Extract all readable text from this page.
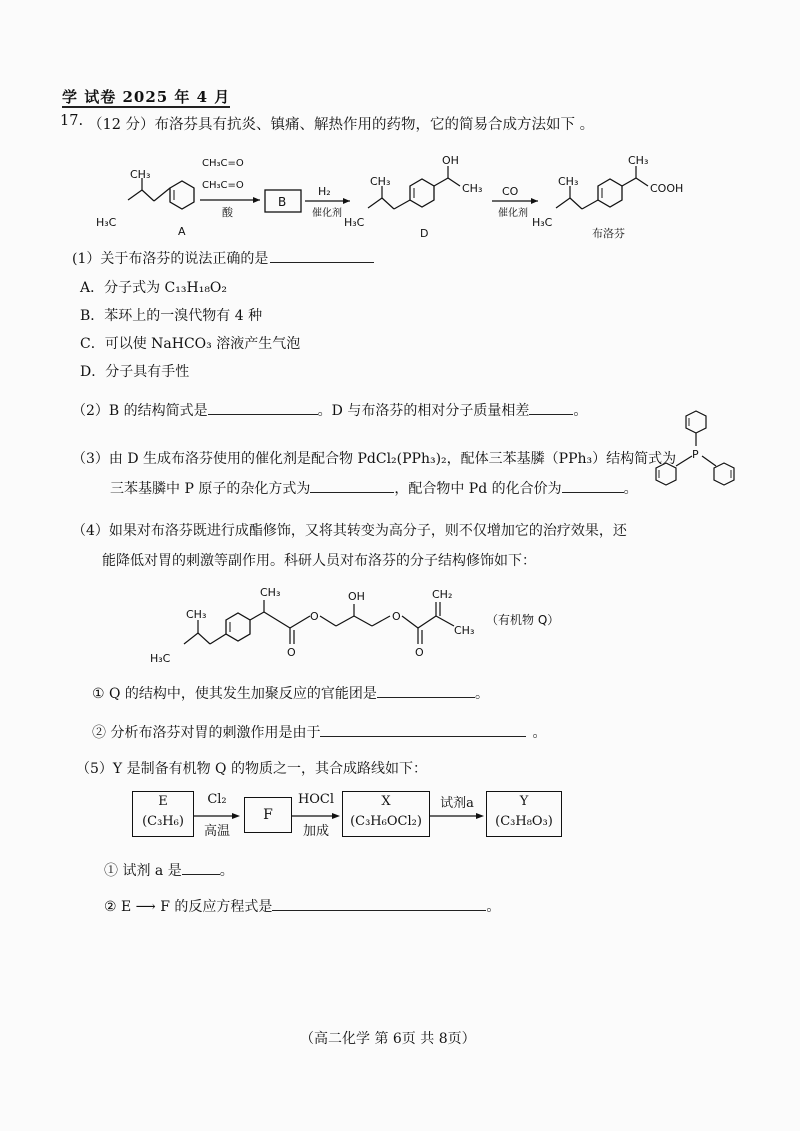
学 试卷 2025 年 4 月
17. （12 分）布洛芬具有抗炎、镇痛、解热作用的药物，它的简易合成方法如下 。
CH₃
H₃C
A
CH₃C=O
CH₃C=O
酸
B
H₂
催化剂
CH₃
H₃C
OH
CH₃
D
CO
催化剂
CH₃
H₃C
CH₃
COOH
布洛芬
(1）关于布洛芬的说法正确的是
A．分子式为 C₁₃H₁₈O₂
B．苯环上的一溴代物有 4 种
C．可以使 NaHCO₃ 溶液产生气泡
D．分子具有手性
（2）B 的结构简式是	。D 与布洛芬的相对分子质量相差	。
（3）由 D 生成布洛芬使用的催化剂是配合物 PdCl₂(PPh₃)₂，配体三苯基膦（PPh₃）结构简式为
三苯基膦中 P 原子的杂化方式为	，配合物中 Pd 的化合价为	。
P
（4）如果对布洛芬既进行成酯修饰，又将其转变为高分子，则不仅增加它的治疗效果，还
能降低对胃的刺激等副作用。科研人员对布洛芬的分子结构修饰如下：
CH₃
H₃C
CH₃
O
O
OH
O
O
CH₂
CH₃
（有机物 Q）
① Q 的结构中，使其发生加聚反应的官能团是	。
② 分析布洛芬对胃的刺激作用是由于	。
（5）Y 是制备有机物 Q 的物质之一，其合成路线如下：
E
(C₃H₆)
Cl₂
高温
F
HOCl
加成
X
(C₃H₆OCl₂)
试剂a	Y
(C₃H₈O₃)
① 试剂 a 是	。
② E ⟶ F 的反应方程式是	。
（高二化学 第 6页 共 8页）
